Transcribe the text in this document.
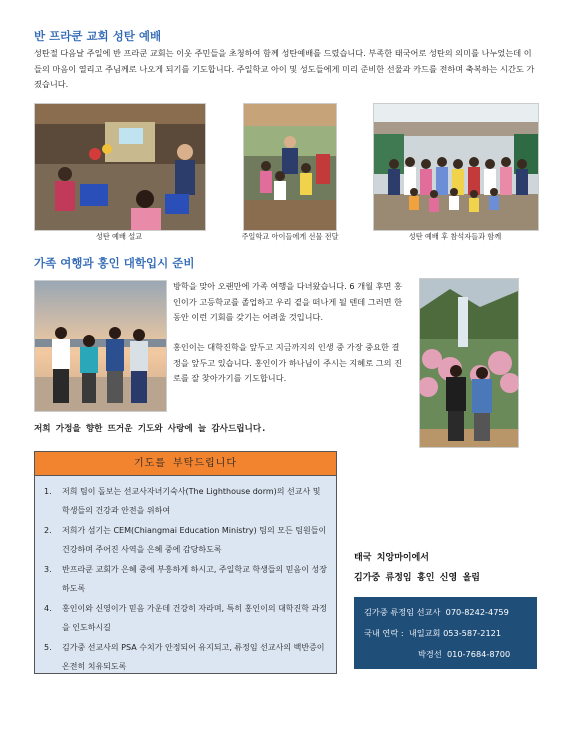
반 프라쿤 교회 성탄 예배
성탄절 다음날 주일에 반 프라쿤 교회는 이웃 주민들을 초청하여 함께 성탄예배를 드렸습니다. 부족한 태국어로 성탄의 의미를 나누었는데 이들의 마음이 열리고 주님께로 나오게 되기를 기도합니다. 주일학교 아이 및 성도들에게 미리 준비한 선물과 카드를 전하며 축복하는 시간도 가졌습니다.
성탄 예배 설교	주일학교 아이들에게 선물 전달	성탄 예배 후 참석자들과 함께
가족 여행과 홍인 대학입시 준비
방학을 맞아 오랜만에 가족 여행을 다녀왔습니다. 6 개월 후면 홍인이가 고등학교를 졸업하고 우리 곁을 떠나게 될 텐데 그러면 한동안 이런 기회를 갖기는 어려울 것입니다.
홍인이는 대학진학을 앞두고 지금까지의 인생 중 가장 중요한 결정을 앞두고 있습니다. 홍인이가 하나님이 주시는 지혜로 그의 진로를 잘 찾아가기를 기도합니다.
저희 가정을 향한 뜨거운 기도와 사랑에 늘 감사드립니다.
기도를 부탁드립니다
1. 저희 팀이 돌보는 선교사자녀기숙사(The Lighthouse dorm)의 선교사 및 학생들의 건강과 안전을 위하여
2. 저희가 섬기는 CEM(Chiangmai Education Ministry) 팀의 모든 팀원들이 건강하며 주어진 사역을 은혜 중에 감당하도록
3. 반프라쿤 교회가 은혜 중에 부흥하게 하시고, 주일학교 학생들의 믿음이 성장하도록
4. 홍인이와 신영이가 믿음 가운데 건강히 자라며, 특히 홍인이의 대학진학 과정을 인도하시길
5. 김가중 선교사의 PSA 수치가 안정되어 유지되고, 류정임 선교사의 백반증이 온전히 치유되도록
태국 치앙마이에서
김가중 류정임 홍인 신영 올림
김가중 류정임 선교사 070-8242-4759
국내 연락 : 내일교회 053-587-2121
박경선 010-7684-8700
